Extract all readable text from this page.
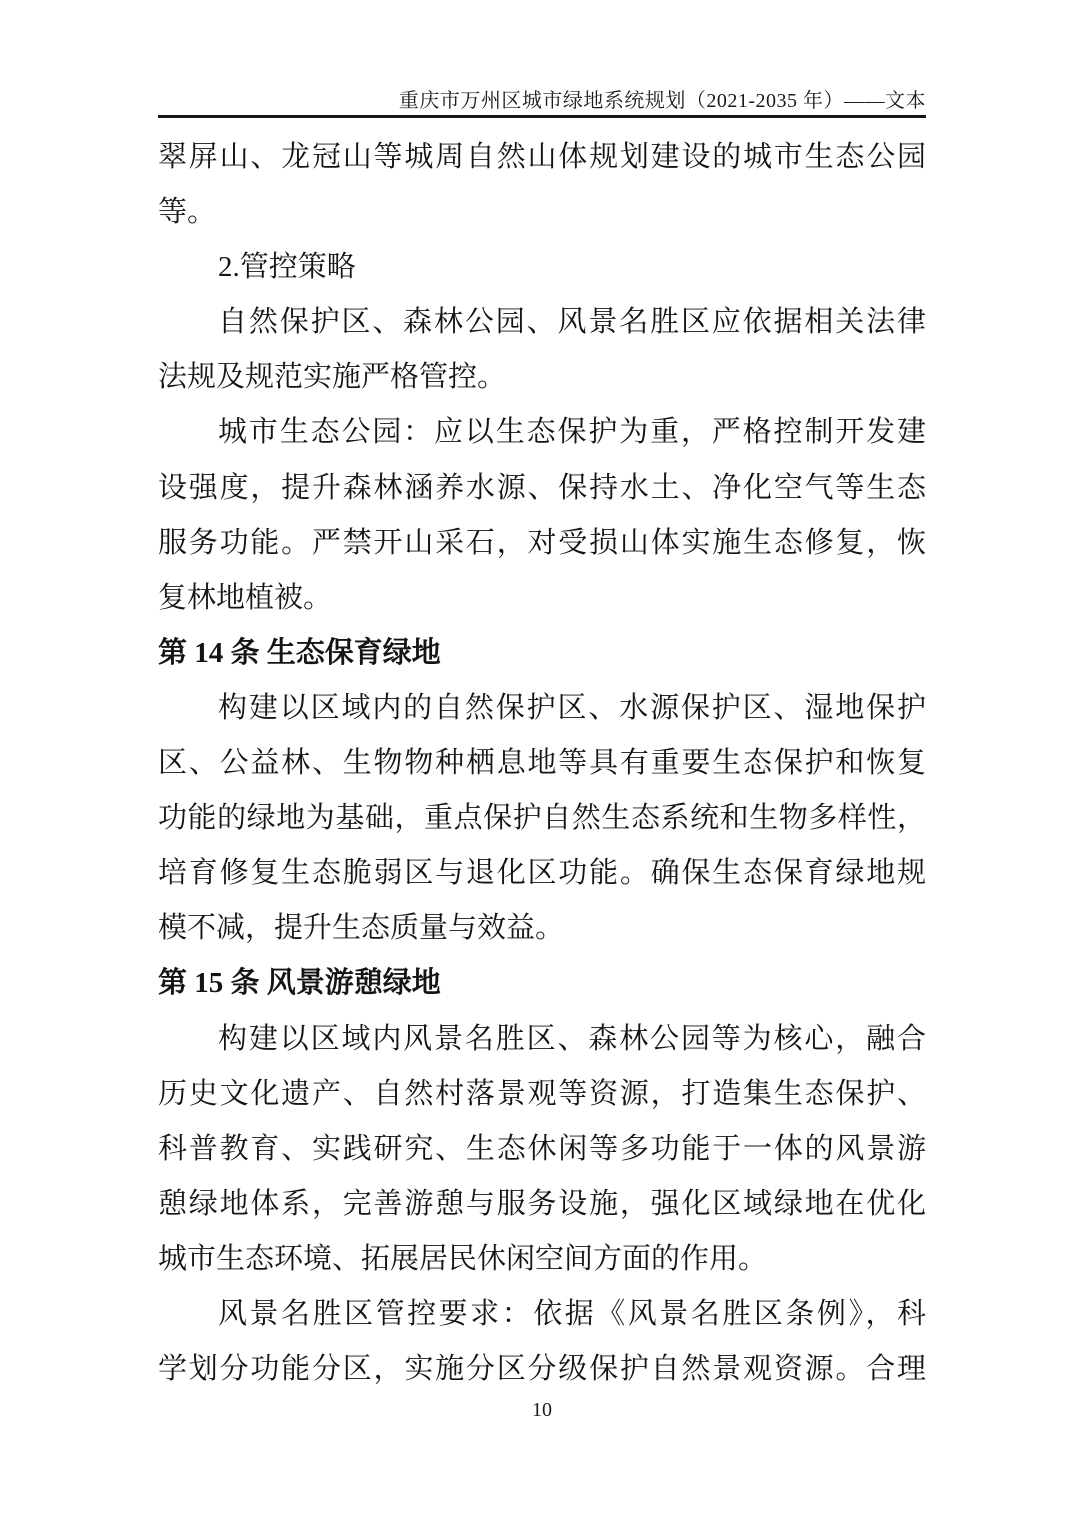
重庆市万州区城市绿地系统规划（2021-2035 年）——文本
翠屏山、龙冠山等城周自然山体规划建设的城市生态公园
等。
2.管控策略
自然保护区、森林公园、风景名胜区应依据相关法律
法规及规范实施严格管控。
城市生态公园：应以生态保护为重，严格控制开发建
设强度，提升森林涵养水源、保持水土、净化空气等生态
服务功能。严禁开山采石，对受损山体实施生态修复，恢
复林地植被。
第 14 条 生态保育绿地
构建以区域内的自然保护区、水源保护区、湿地保护
区、公益林、生物物种栖息地等具有重要生态保护和恢复
功能的绿地为基础，重点保护自然生态系统和生物多样性，
培育修复生态脆弱区与退化区功能。确保生态保育绿地规
模不减，提升生态质量与效益。
第 15 条 风景游憩绿地
构建以区域内风景名胜区、森林公园等为核心，融合
历史文化遗产、自然村落景观等资源，打造集生态保护、
科普教育、实践研究、生态休闲等多功能于一体的风景游
憩绿地体系，完善游憩与服务设施，强化区域绿地在优化
城市生态环境、拓展居民休闲空间方面的作用。
风景名胜区管控要求：依据《风景名胜区条例》，科
学划分功能分区，实施分区分级保护自然景观资源。合理
10
